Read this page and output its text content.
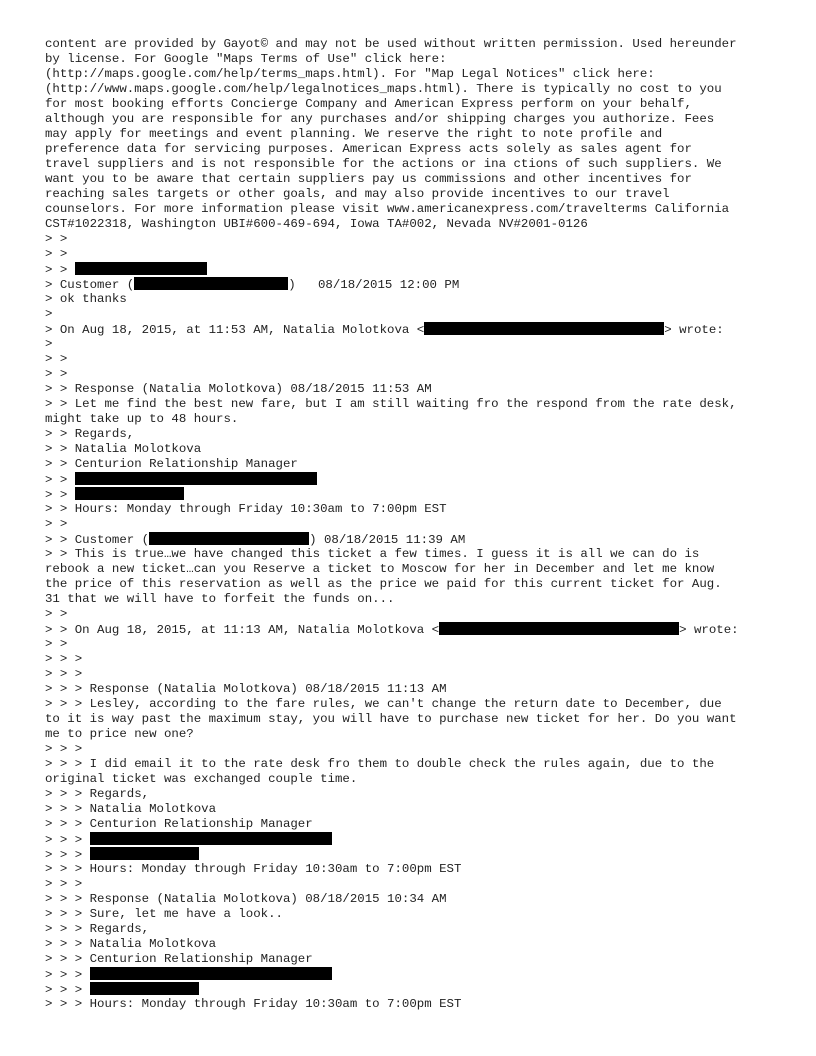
content are provided by Gayot© and may not be used without written permission. Used hereunder
by license. For Google "Maps Terms of Use" click here:
(http://maps.google.com/help/terms_maps.html). For "Map Legal Notices" click here:
(http://www.maps.google.com/help/legalnotices_maps.html). There is typically no cost to you
for most booking efforts Concierge Company and American Express perform on your behalf,
although you are responsible for any purchases and/or shipping charges you authorize. Fees
may apply for meetings and event planning. We reserve the right to note profile and
preference data for servicing purposes. American Express acts solely as sales agent for
travel suppliers and is not responsible for the actions or ina ctions of such suppliers. We
want you to be aware that certain suppliers pay us commissions and other incentives for
reaching sales targets or other goals, and may also provide incentives to our travel
counselors. For more information please visit www.americanexpress.com/travelterms California
CST#1022318, Washington UBI#600-469-694, Iowa TA#002, Nevada NV#2001-0126
> >
> >
> >
> Customer (	)   08/18/2015 12:00 PM
> ok thanks
>
> On Aug 18, 2015, at 11:53 AM, Natalia Molotkova <	> wrote:
>
> >
> >
> > Response (Natalia Molotkova) 08/18/2015 11:53 AM
> > Let me find the best new fare, but I am still waiting fro the respond from the rate desk,
might take up to 48 hours.
> > Regards,
> > Natalia Molotkova
> > Centurion Relationship Manager
> >
> >
> > Hours: Monday through Friday 10:30am to 7:00pm EST
> >
> > Customer (	) 08/18/2015 11:39 AM
> > This is true…we have changed this ticket a few times. I guess it is all we can do is
rebook a new ticket…can you Reserve a ticket to Moscow for her in December and let me know
the price of this reservation as well as the price we paid for this current ticket for Aug.
31 that we will have to forfeit the funds on...
> >
> > On Aug 18, 2015, at 11:13 AM, Natalia Molotkova <	> wrote:
> >
> > >
> > >
> > > Response (Natalia Molotkova) 08/18/2015 11:13 AM
> > > Lesley, according to the fare rules, we can't change the return date to December, due
to it is way past the maximum stay, you will have to purchase new ticket for her. Do you want
me to price new one?
> > >
> > > I did email it to the rate desk fro them to double check the rules again, due to the
original ticket was exchanged couple time.
> > > Regards,
> > > Natalia Molotkova
> > > Centurion Relationship Manager
> > >
> > >
> > > Hours: Monday through Friday 10:30am to 7:00pm EST
> > >
> > > Response (Natalia Molotkova) 08/18/2015 10:34 AM
> > > Sure, let me have a look..
> > > Regards,
> > > Natalia Molotkova
> > > Centurion Relationship Manager
> > >
> > >
> > > Hours: Monday through Friday 10:30am to 7:00pm EST
